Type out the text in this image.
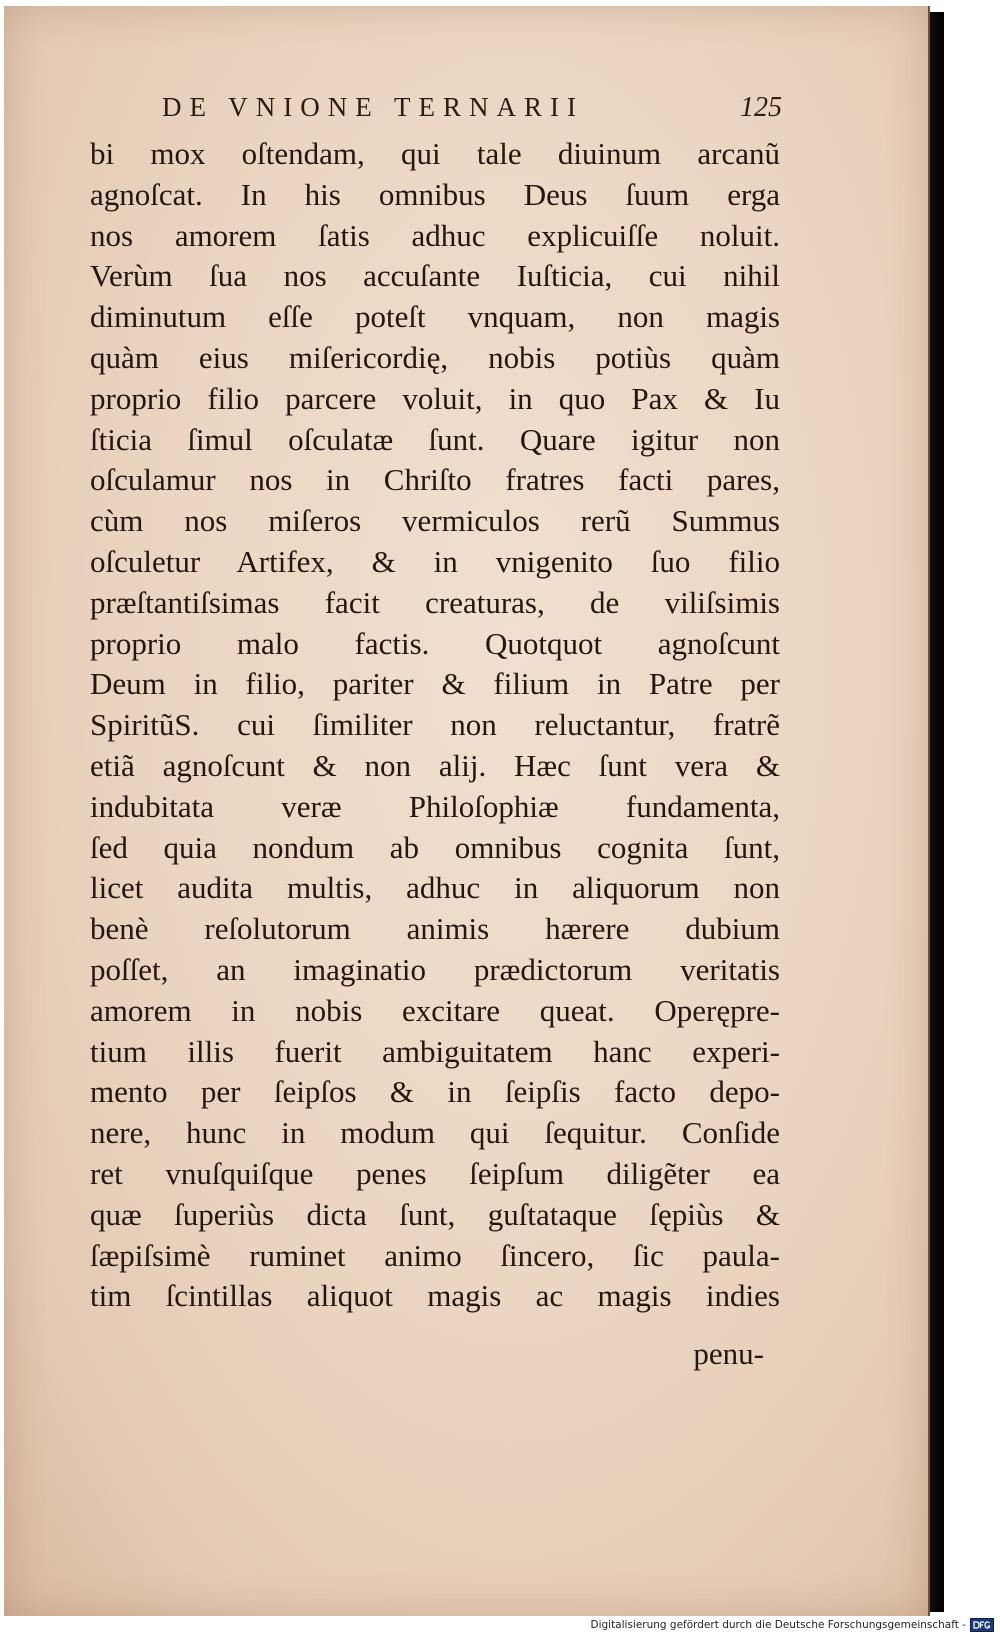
DE VNIONE TERNARII	125
bi mox oſtendam, qui tale diuinum arcanũ
agnoſcat. In his omnibus Deus ſuum erga
nos amorem ſatis adhuc explicuiſſe noluit.
Verùm ſua nos accuſante Iuſticia, cui nihil
diminutum eſſe poteſt vnquam, non magis
quàm eius miſericordię, nobis potiùs quàm
proprio filio parcere voluit, in quo Pax & Iu
ſticia ſimul oſculatæ ſunt. Quare igitur non
oſculamur nos in Chriſto fratres facti pares,
cùm nos miſeros vermiculos rerũ Summus
oſculetur Artifex, & in vnigenito ſuo filio
præſtantiſsimas facit creaturas, de viliſsimis
proprio malo factis. Quotquot agnoſcunt
Deum in filio, pariter & filium in Patre per
SpiritũS. cui ſimiliter non reluctantur, fratrẽ
etiã agnoſcunt & non alij. Hæc ſunt vera &
indubitata veræ Philoſophiæ fundamenta,
ſed quia nondum ab omnibus cognita ſunt,
licet audita multis, adhuc in aliquorum non
benè reſolutorum animis hærere dubium
poſſet, an imaginatio prædictorum veritatis
amorem in nobis excitare queat. Operępre-
tium illis fuerit ambiguitatem hanc experi-
mento per ſeipſos & in ſeipſis facto depo-
nere, hunc in modum qui ſequitur. Conſide
ret vnuſquiſque penes ſeipſum diligẽter ea
quæ ſuperiùs dicta ſunt, guſtataque ſępiùs &
ſæpiſsimè ruminet animo ſincero, ſic paula-
tim ſcintillas aliquot magis ac magis indies
penu-
Digitalisierung gefördert durch die Deutsche Forschungsgemeinschaft -
